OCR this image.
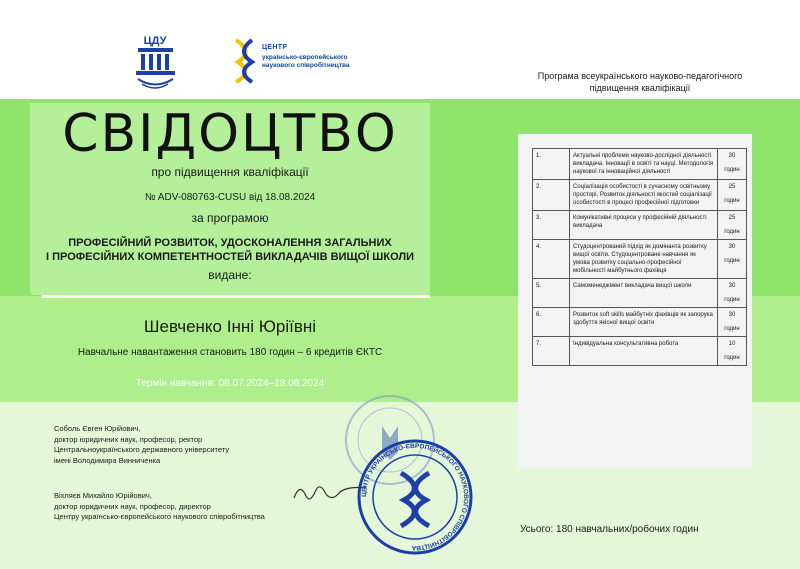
ЦДУ
ЦЕНТР
українсько-європейського наукового співробітництва
Програма всеукраїнського науково-педагогічного підвищення кваліфікації
СВІДОЦТВО
про підвищення кваліфікації
№ ADV-080763-CUSU від 18.08.2024
за програмою
ПРОФЕСІЙНИЙ РОЗВИТОК, УДОСКОНАЛЕННЯ ЗАГАЛЬНИХ
І ПРОФЕСІЙНИХ КОМПЕТЕНТНОСТЕЙ ВИКЛАДАЧІВ ВИЩОЇ ШКОЛИ
видане:
Шевченко Інні Юріївні
Навчальне навантаження становить 180 годин – 6 кредитів ЄКТС
Термін навчання: 08.07.2024–18.08.2024
1.	Актуальні проблеми науково-дослідної діяльності викладача. Інновації в освіті та науці. Методологія наукової та інноваційної діяльності	30
годин

2.	Соціалізація особистості в сучасному освітньому просторі. Розвиток діяльності якостей соціалізації особистості в процесі професійної підготовки	25
годин

3.	Комунікативні процеси у професійній діяльності викладача	25
годин

4.	Студоцентрований підхід як домінанта розвитку вищої освіти. Студоцентроване навчання як умова розвитку соціально-професійної мобільності майбутнього фахівця	30
годин

5.	Самоменеджмент викладача вищої школи	30
годин

6.	Розвиток soft skills майбутніх фахівців як запорука здобуття якісної вищої освіти	30
годин

7.	Індивідуальна консультативна робота	10
годин
ЦЕНТР УКРАЇНСЬКО-ЄВРОПЕЙСЬКОГО НАУКОВОГО СПІВРОБІТНИЦТВА
Соболь Євген Юрійович,
доктор юридичних наук, професор, ректор
Центральноукраїнського державного університету
імені Володимира Винниченка
Віхляєв Михайло Юрійович,
доктор юридичних наук, професор, директор
Центру українсько-європейського наукового співробітництва
Усього: 180 навчальних/робочих годин
